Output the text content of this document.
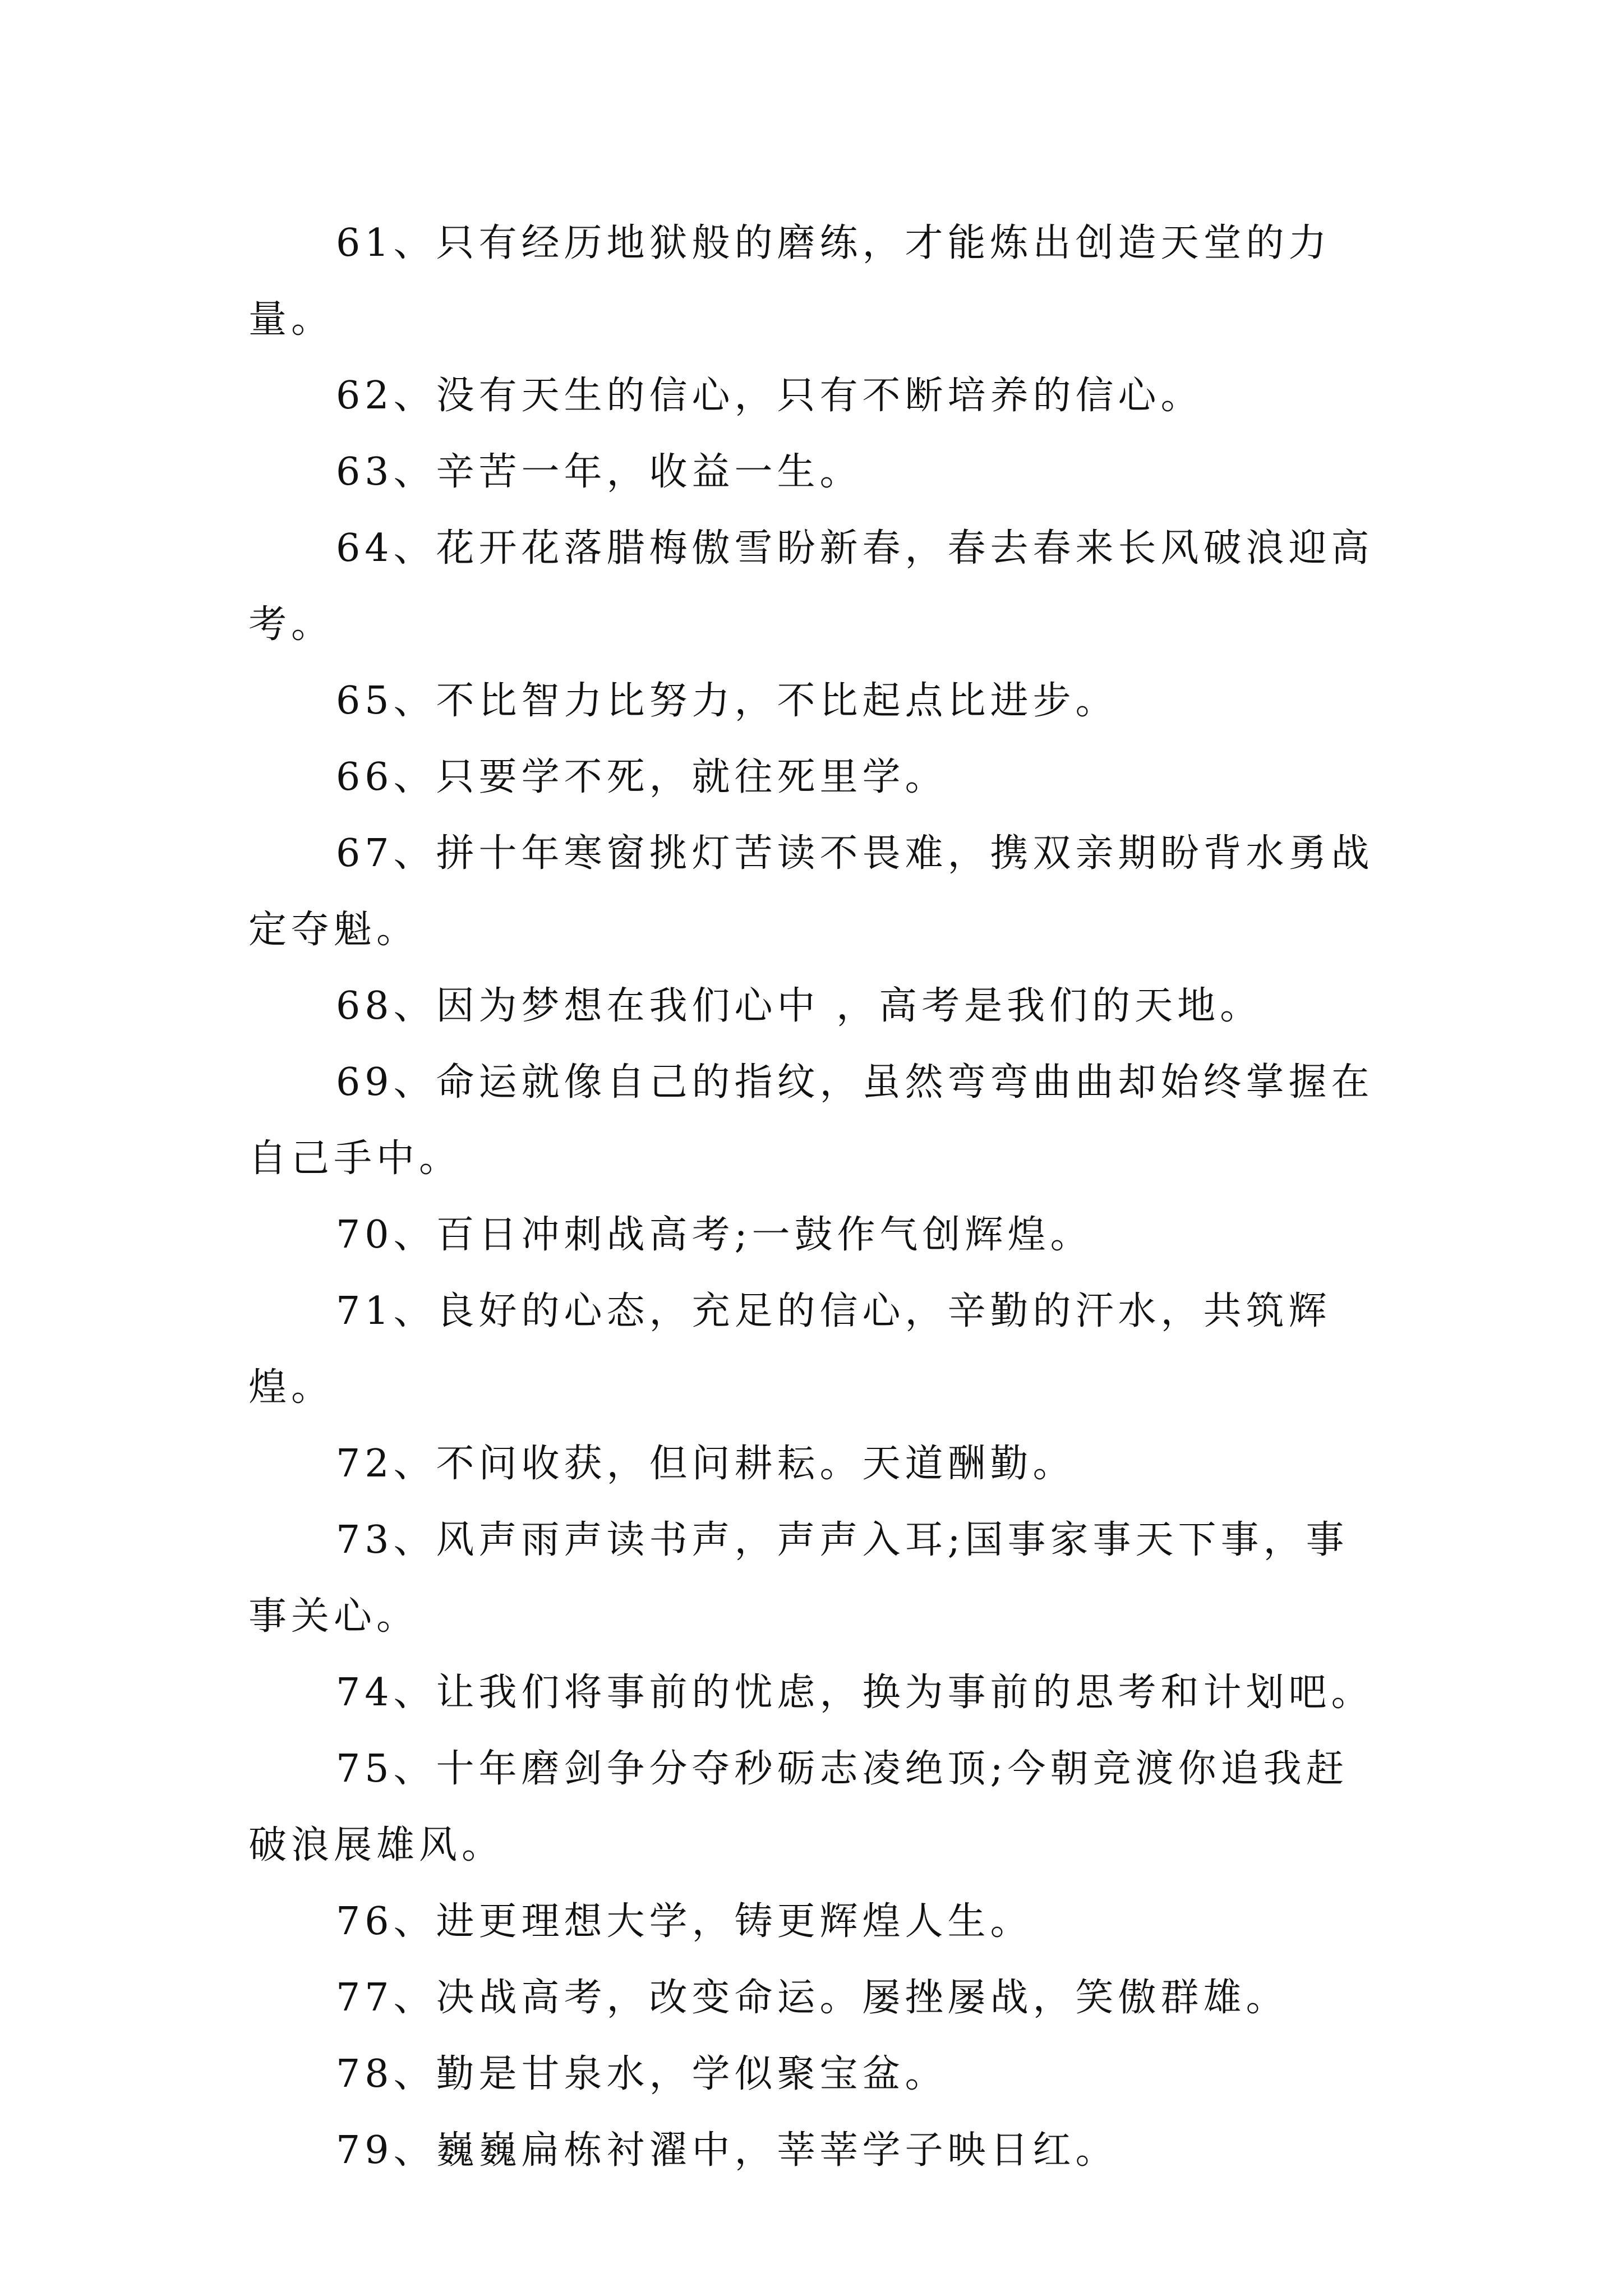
61、只有经历地狱般的磨练，才能炼出创造天堂的力量。

62、没有天生的信心，只有不断培养的信心。

63、辛苦一年，收益一生。

64、花开花落腊梅傲雪盼新春，春去春来长风破浪迎高考。

65、不比智力比努力，不比起点比进步。

66、只要学不死，就往死里学。

67、拼十年寒窗挑灯苦读不畏难，携双亲期盼背水勇战定夺魁。

68、因为梦想在我们心中 ，高考是我们的天地。

69、命运就像自己的指纹，虽然弯弯曲曲却始终掌握在自己手中。

70、百日冲刺战高考;一鼓作气创辉煌。

71、良好的心态，充足的信心，辛勤的汗水，共筑辉煌。

72、不问收获，但问耕耘。天道酬勤。

73、风声雨声读书声，声声入耳;国事家事天下事，事事关心。

74、让我们将事前的忧虑，换为事前的思考和计划吧。

75、十年磨剑争分夺秒砺志凌绝顶;今朝竞渡你追我赶破浪展雄风。

76、进更理想大学，铸更辉煌人生。

77、决战高考，改变命运。屡挫屡战，笑傲群雄。

78、勤是甘泉水，学似聚宝盆。

79、巍巍扁栋衬濯中，莘莘学子映日红。
